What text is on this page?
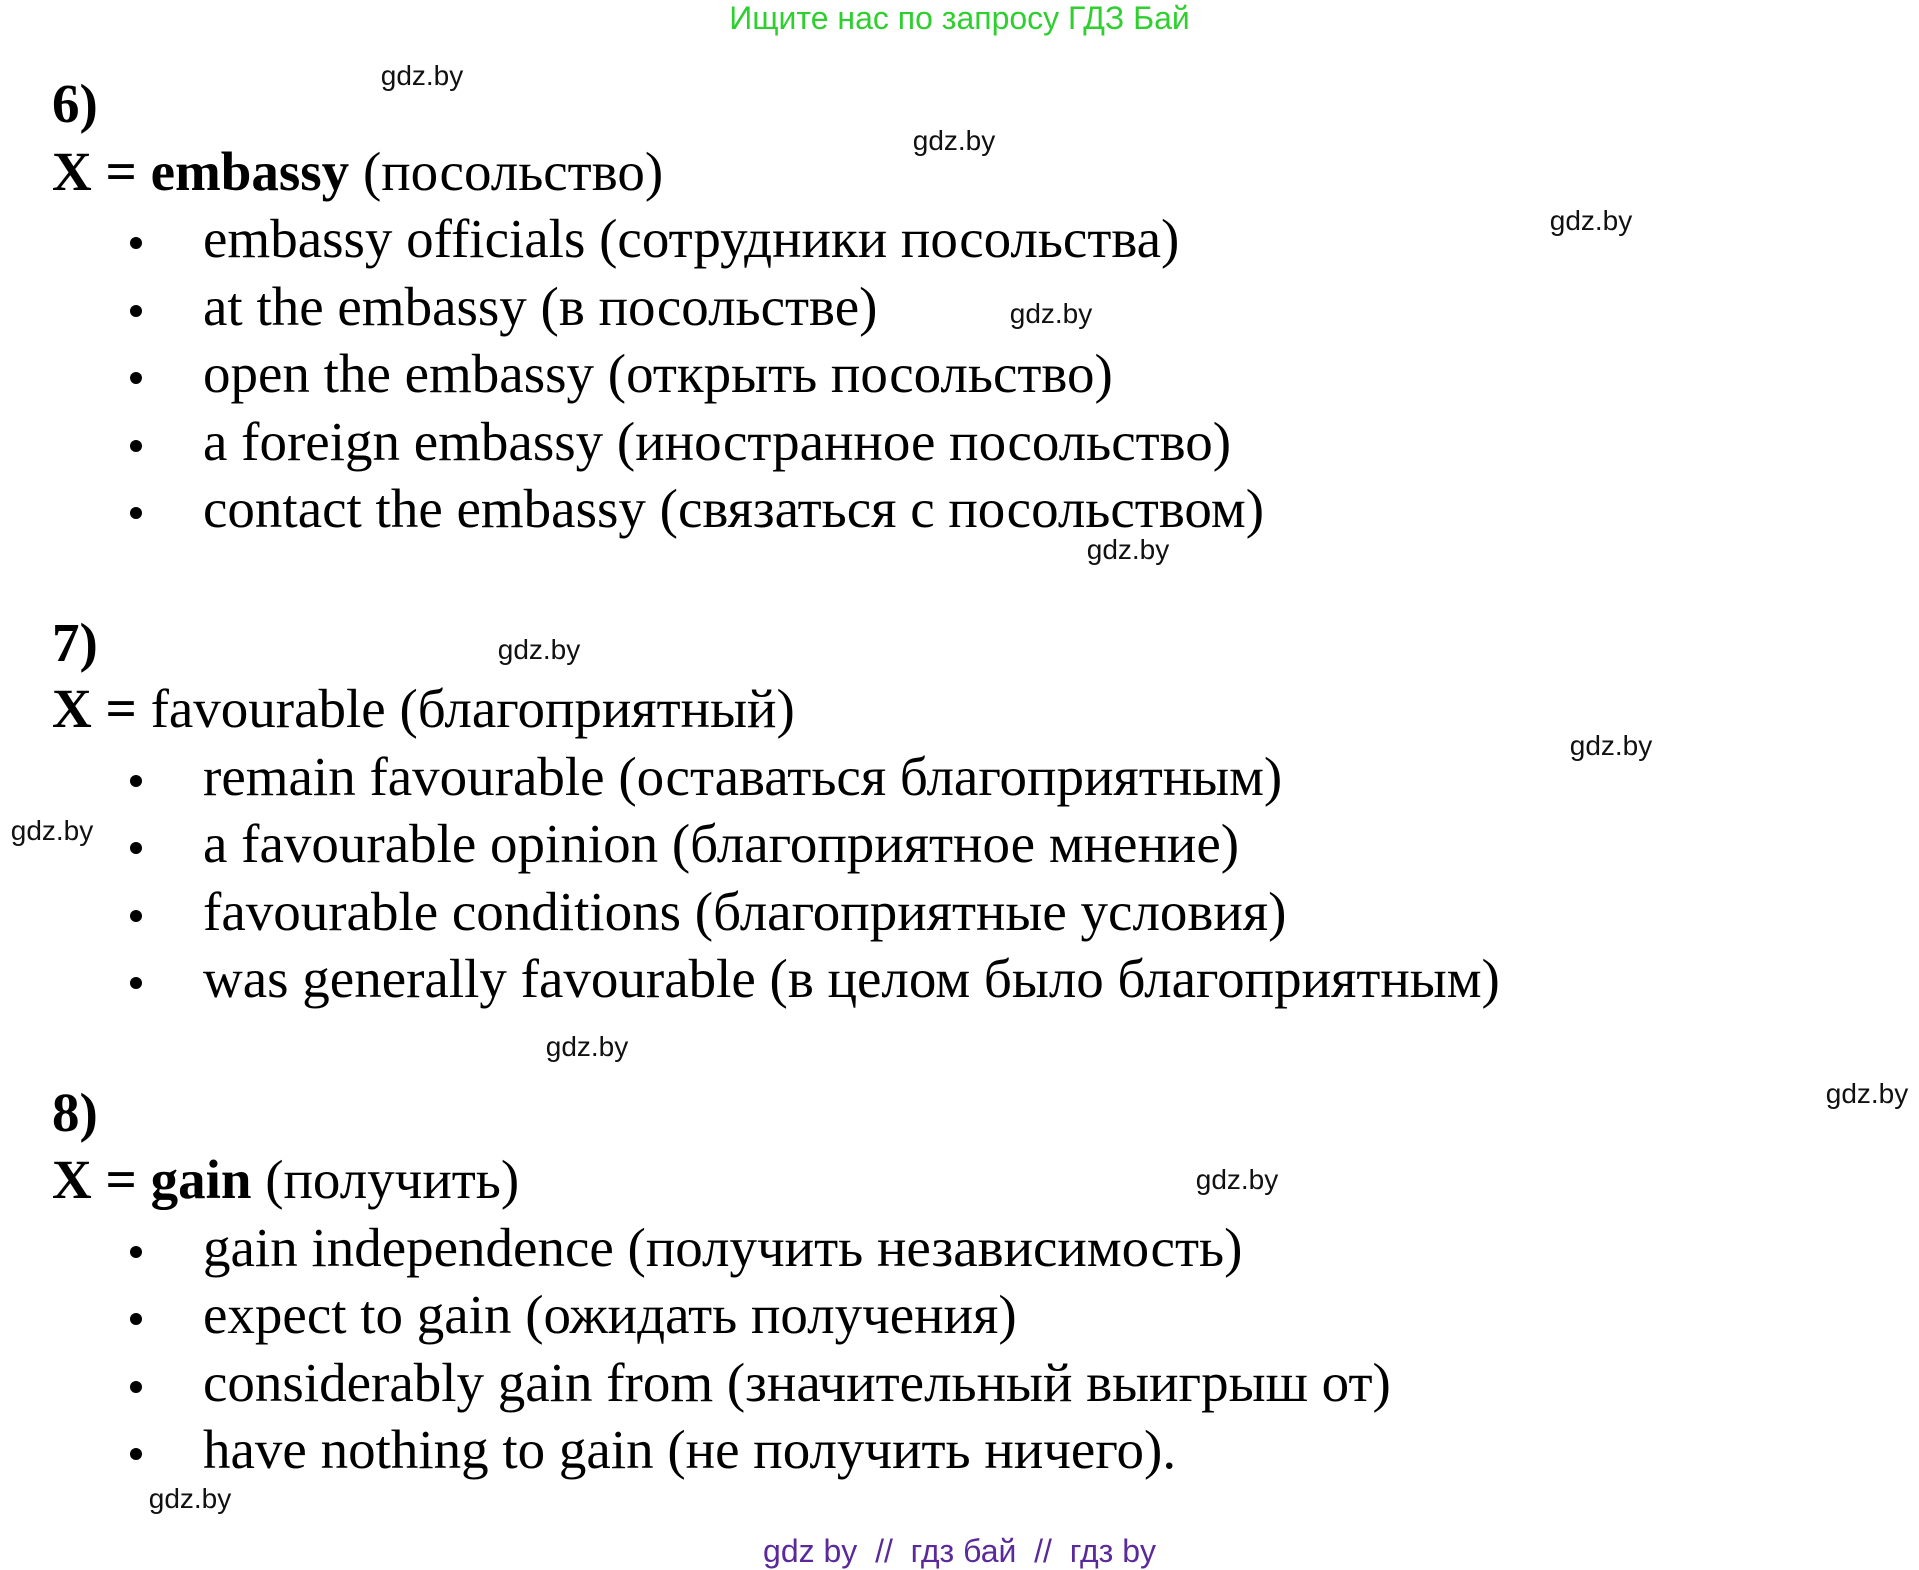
Ищите нас по запросу ГДЗ Бай
6)
X = embassy (посольство)
embassy officials (сотрудники посольства)
at the embassy (в посольстве)
open the embassy (открыть посольство)
a foreign embassy (иностранное посольство)
contact the embassy (связаться с посольством)
7)
X = favourable (благоприятный)
remain favourable (оставаться благоприятным)
a favourable opinion (благоприятное мнение)
favourable conditions (благоприятные условия)
was generally favourable (в целом было благоприятным)
8)
X = gain (получить)
gain independence (получить независимость)
expect to gain (ожидать получения)
considerably gain from (значительный выигрыш от)
have nothing to gain (не получить ничего).
gdz.by
gdz.by
gdz.by
gdz.by
gdz.by
gdz.by
gdz.by
gdz.by
gdz.by
gdz.by
gdz.by
gdz.by
gdz by  //  гдз бай  //  гдз by
